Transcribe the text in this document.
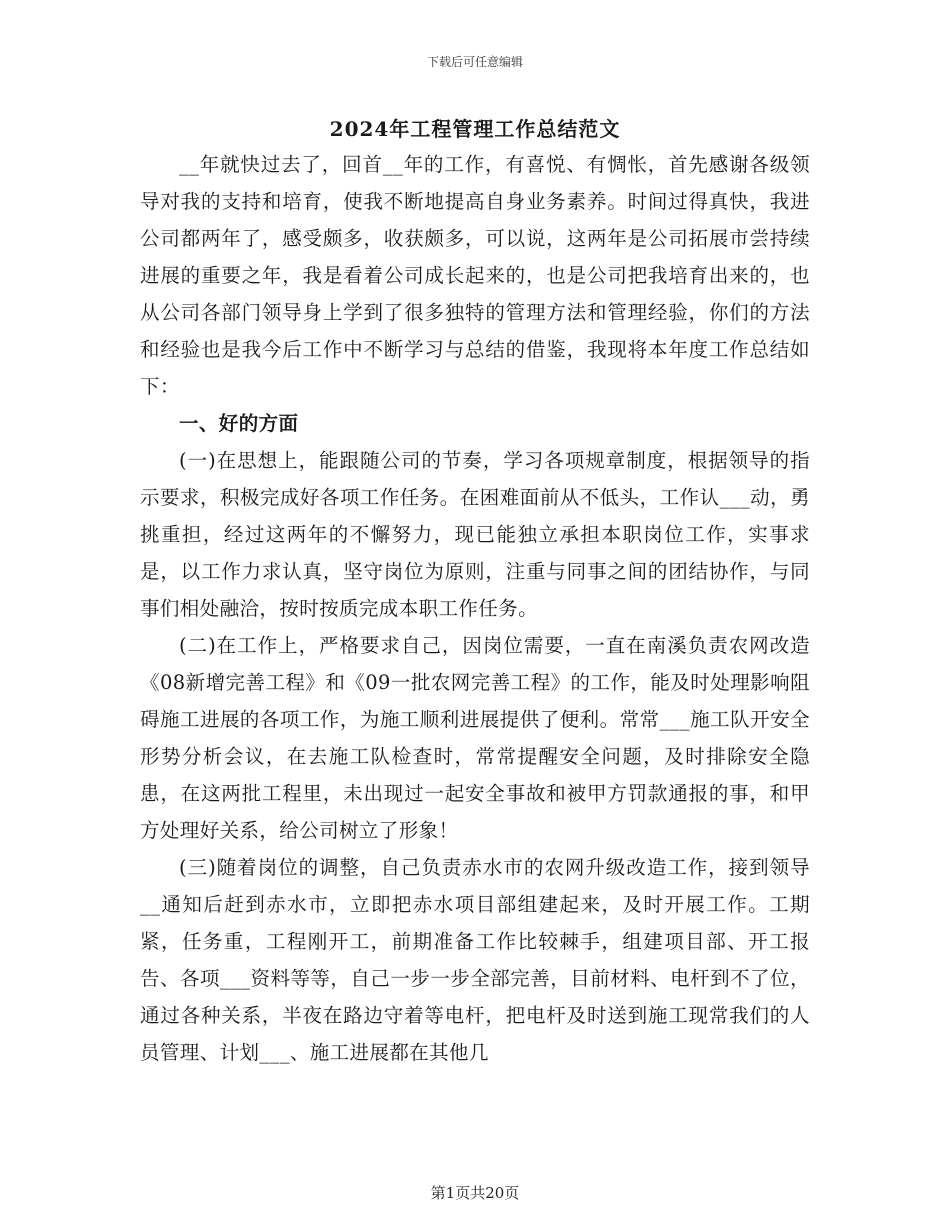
下载后可任意编辑
2024年工程管理工作总结范文

__年就快过去了，回首__年的工作，有喜悦、有惆怅，首先感谢各级领导对我的支持和培育，使我不断地提高自身业务素养。时间过得真快，我进公司都两年了，感受颇多，收获颇多，可以说，这两年是公司拓展市尝持续进展的重要之年，我是看着公司成长起来的，也是公司把我培育出来的，也从公司各部门领导身上学到了很多独特的管理方法和管理经验，你们的方法和经验也是我今后工作中不断学习与总结的借鉴，我现将本年度工作总结如下：

一、好的方面

(一)在思想上，能跟随公司的节奏，学习各项规章制度，根据领导的指示要求，积极完成好各项工作任务。在困难面前从不低头，工作认___动，勇挑重担，经过这两年的不懈努力，现已能独立承担本职岗位工作，实事求是，以工作力求认真，坚守岗位为原则，注重与同事之间的团结协作，与同事们相处融洽，按时按质完成本职工作任务。

(二)在工作上，严格要求自己，因岗位需要，一直在南溪负责农网改造《08新增完善工程》和《09一批农网完善工程》的工作，能及时处理影响阻碍施工进展的各项工作，为施工顺利进展提供了便利。常常___施工队开安全形势分析会议，在去施工队检查时，常常提醒安全问题，及时排除安全隐患，在这两批工程里，未出现过一起安全事故和被甲方罚款通报的事，和甲方处理好关系，给公司树立了形象！

(三)随着岗位的调整，自己负责赤水市的农网升级改造工作，接到领导__通知后赶到赤水市，立即把赤水项目部组建起来，及时开展工作。工期紧，任务重，工程刚开工，前期准备工作比较棘手，组建项目部、开工报告、各项___资料等等，自己一步一步全部完善，目前材料、电杆到不了位，通过各种关系，半夜在路边守着等电杆，把电杆及时送到施工现常我们的人员管理、计划___、施工进展都在其他几

第1页共20页
